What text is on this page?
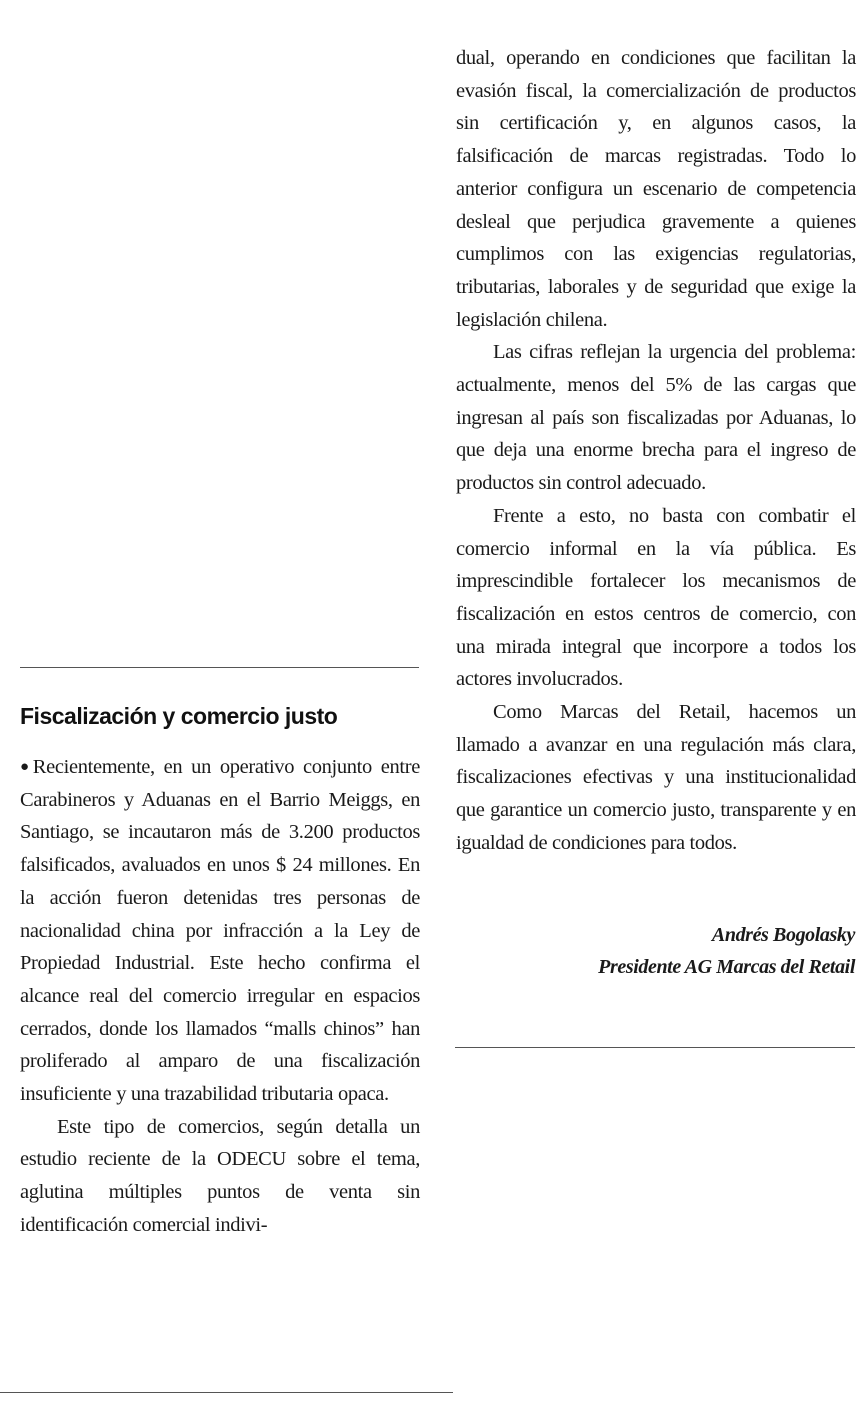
Fiscalización y comercio justo

●Recientemente, en un operativo conjunto entre Carabineros y Aduanas en el Barrio Meiggs, en Santiago, se incautaron más de 3.200 productos falsificados, avaluados en unos $ 24 millones. En la acción fueron detenidas tres personas de nacionalidad china por infracción a la Ley de Propiedad Industrial. Este hecho confirma el alcance real del comercio irregular en espacios cerrados, donde los llamados “malls chinos” han proliferado al amparo de una fiscalización insuficiente y una trazabilidad tributaria opaca.

Este tipo de comercios, según detalla un estudio reciente de la ODECU sobre el tema, aglutina múltiples puntos de venta sin identificación comercial indivi-

dual, operando en condiciones que facilitan la evasión fiscal, la comercialización de productos sin certificación y, en algunos casos, la falsificación de marcas registradas. Todo lo anterior configura un escenario de competencia desleal que perjudica gravemente a quienes cumplimos con las exigencias regulatorias, tributarias, laborales y de seguridad que exige la legislación chilena.

Las cifras reflejan la urgencia del problema: actualmente, menos del 5% de las cargas que ingresan al país son fiscalizadas por Aduanas, lo que deja una enorme brecha para el ingreso de productos sin control adecuado.

Frente a esto, no basta con combatir el comercio informal en la vía pública. Es imprescindible fortalecer los mecanismos de fiscalización en estos centros de comercio, con una mirada integral que incorpore a todos los actores involucrados.

Como Marcas del Retail, hacemos un llamado a avanzar en una regulación más clara, fiscalizaciones efectivas y una institucionalidad que garantice un comercio justo, transparente y en igualdad de condiciones para todos.

Andrés Bogolasky
Presidente AG Marcas del Retail
